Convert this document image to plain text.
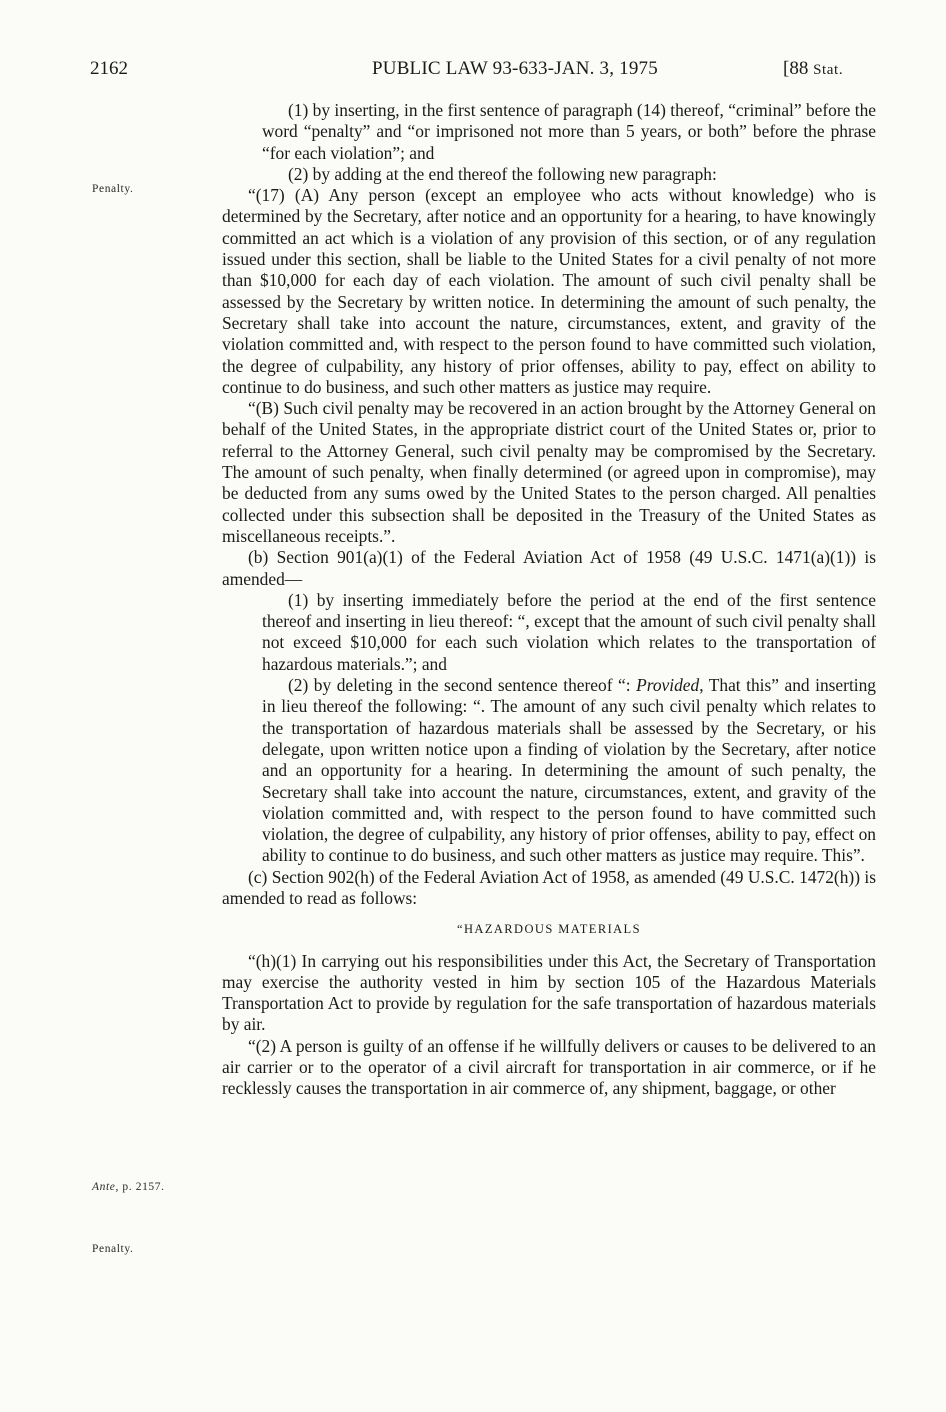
2162	PUBLIC LAW 93-633-JAN. 3, 1975	[88 Stat.
Penalty.
Ante, p. 2157.
Penalty.

(1) by inserting, in the first sentence of paragraph (14) thereof, “criminal” before the word “penalty” and “or imprisoned not more than 5 years, or both” before the phrase “for each violation”; and

(2) by adding at the end thereof the following new paragraph:

“(17) (A) Any person (except an employee who acts without knowledge) who is determined by the Secretary, after notice and an opportunity for a hearing, to have knowingly committed an act which is a violation of any provision of this section, or of any regulation issued under this section, shall be liable to the United States for a civil penalty of not more than $10,000 for each day of each violation. The amount of such civil penalty shall be assessed by the Secretary by written notice. In determining the amount of such penalty, the Secretary shall take into account the nature, circumstances, extent, and gravity of the violation committed and, with respect to the person found to have committed such violation, the degree of culpability, any history of prior offenses, ability to pay, effect on ability to continue to do business, and such other matters as justice may require.

“(B) Such civil penalty may be recovered in an action brought by the Attorney General on behalf of the United States, in the appropriate district court of the United States or, prior to referral to the Attorney General, such civil penalty may be compromised by the Secretary. The amount of such penalty, when finally determined (or agreed upon in compromise), may be deducted from any sums owed by the United States to the person charged. All penalties collected under this subsection shall be deposited in the Treasury of the United States as miscellaneous receipts.”.

(b) Section 901(a)(1) of the Federal Aviation Act of 1958 (49 U.S.C. 1471(a)(1)) is amended—

(1) by inserting immediately before the period at the end of the first sentence thereof and inserting in lieu thereof: “, except that the amount of such civil penalty shall not exceed $10,000 for each such violation which relates to the transportation of hazardous materials.”; and

(2) by deleting in the second sentence thereof “: Provided, That this” and inserting in lieu thereof the following: “. The amount of any such civil penalty which relates to the transportation of hazardous materials shall be assessed by the Secretary, or his delegate, upon written notice upon a finding of violation by the Secretary, after notice and an opportunity for a hearing. In determining the amount of such penalty, the Secretary shall take into account the nature, circumstances, extent, and gravity of the violation committed and, with respect to the person found to have committed such violation, the degree of culpability, any history of prior offenses, ability to pay, effect on ability to continue to do business, and such other matters as justice may require. This”.

(c) Section 902(h) of the Federal Aviation Act of 1958, as amended (49 U.S.C. 1472(h)) is amended to read as follows:

“HAZARDOUS MATERIALS

“(h)(1) In carrying out his responsibilities under this Act, the Secretary of Transportation may exercise the authority vested in him by section 105 of the Hazardous Materials Transportation Act to provide by regulation for the safe transportation of hazardous materials by air.

“(2) A person is guilty of an offense if he willfully delivers or causes to be delivered to an air carrier or to the operator of a civil aircraft for transportation in air commerce, or if he recklessly causes the transportation in air commerce of, any shipment, baggage, or other
